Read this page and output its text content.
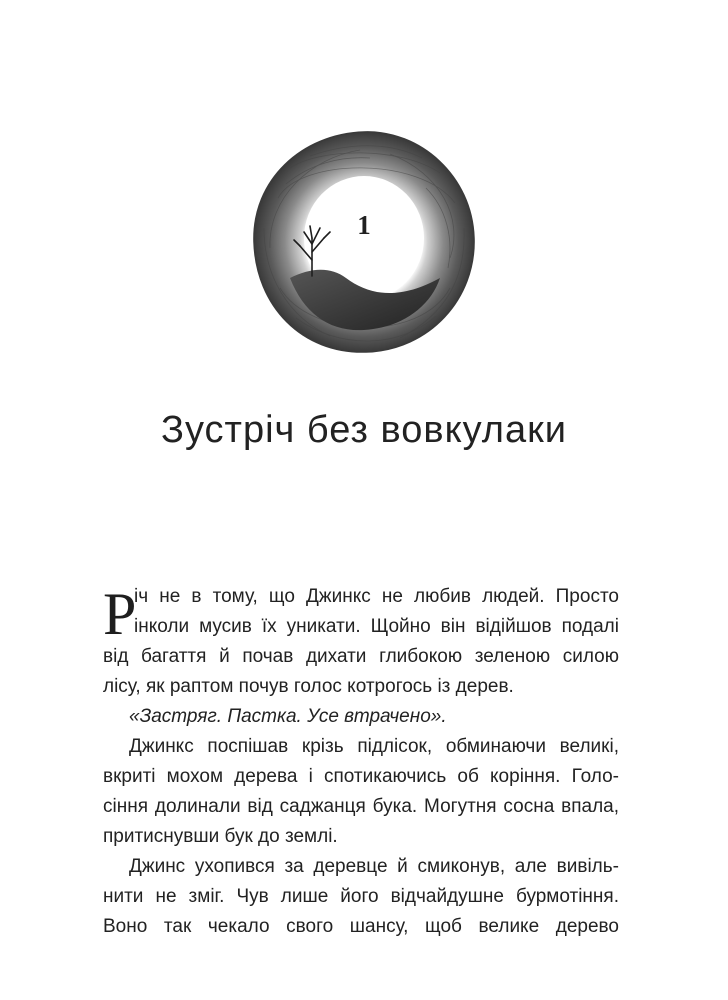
1
Зустріч без вовкулаки
Р
іч не в тому, що Джинкс не любив людей. Просто
інколи мусив їх уникати. Щойно він відійшов подалі
від багаття й почав дихати глибокою зеленою силою
лісу, як раптом почув голос котрогось із дерев.
«Застряг. Пастка. Усе втрачено».
Джинкс поспішав крізь підлісок, обминаючи великі,
вкриті мохом дерева і спотикаючись об коріння. Голо-
сіння долинали від саджанця бука. Могутня сосна впала,
притиснувши бук до землі.
Джинс ухопився за деревце й смиконув, але вивіль-
нити не зміг. Чув лише його відчайдушне бурмотіння.
Воно так чекало свого шансу, щоб велике дерево
